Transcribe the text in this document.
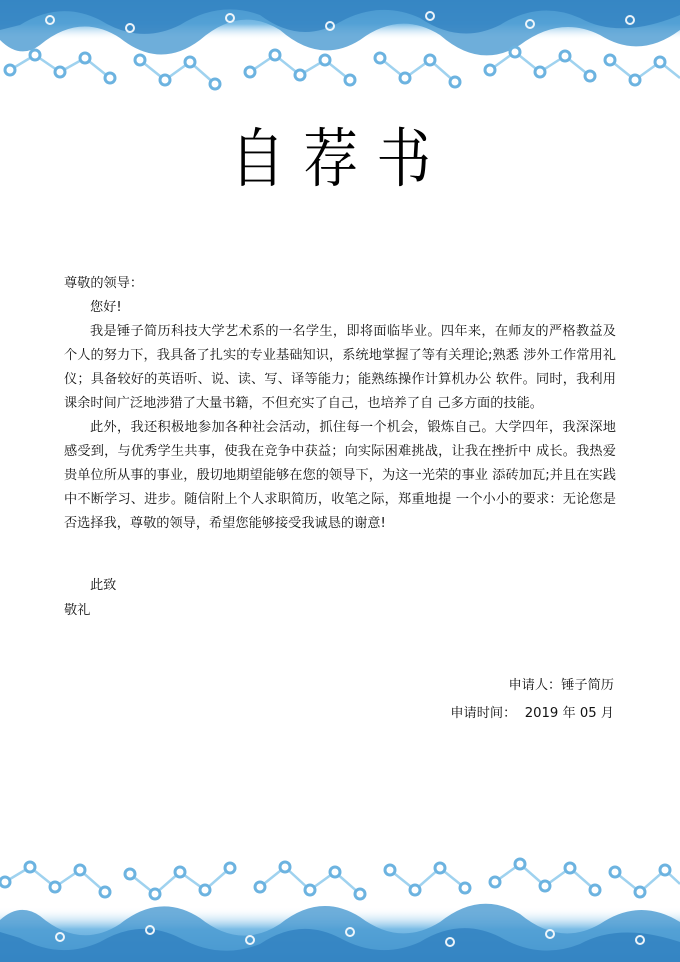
自荐书

尊敬的领导：

您好!

我是锤子简历科技大学艺术系的一名学生，即将面临毕业。四年来，在师友的严格教益及个人的努力下，我具备了扎实的专业基础知识，系统地掌握了等有关理论;熟悉 涉外工作常用礼仪；具备较好的英语听、说、读、写、译等能力；能熟练操作计算机办公 软件。同时，我利用课余时间广泛地涉猎了大量书籍，不但充实了自己，也培养了自 己多方面的技能。

此外，我还积极地参加各种社会活动，抓住每一个机会，锻炼自己。大学四年，我深深地感受到，与优秀学生共事，使我在竞争中获益；向实际困难挑战，让我在挫折中 成长。我热爱贵单位所从事的事业，殷切地期望能够在您的领导下，为这一光荣的事业 添砖加瓦;并且在实践中不断学习、进步。随信附上个人求职简历，收笔之际，郑重地提 一个小小的要求：无论您是否选择我，尊敬的领导，希望您能够接受我诚恳的谢意!

此致

敬礼

申请人：锤子简历
申请时间：  2019 年 05 月
